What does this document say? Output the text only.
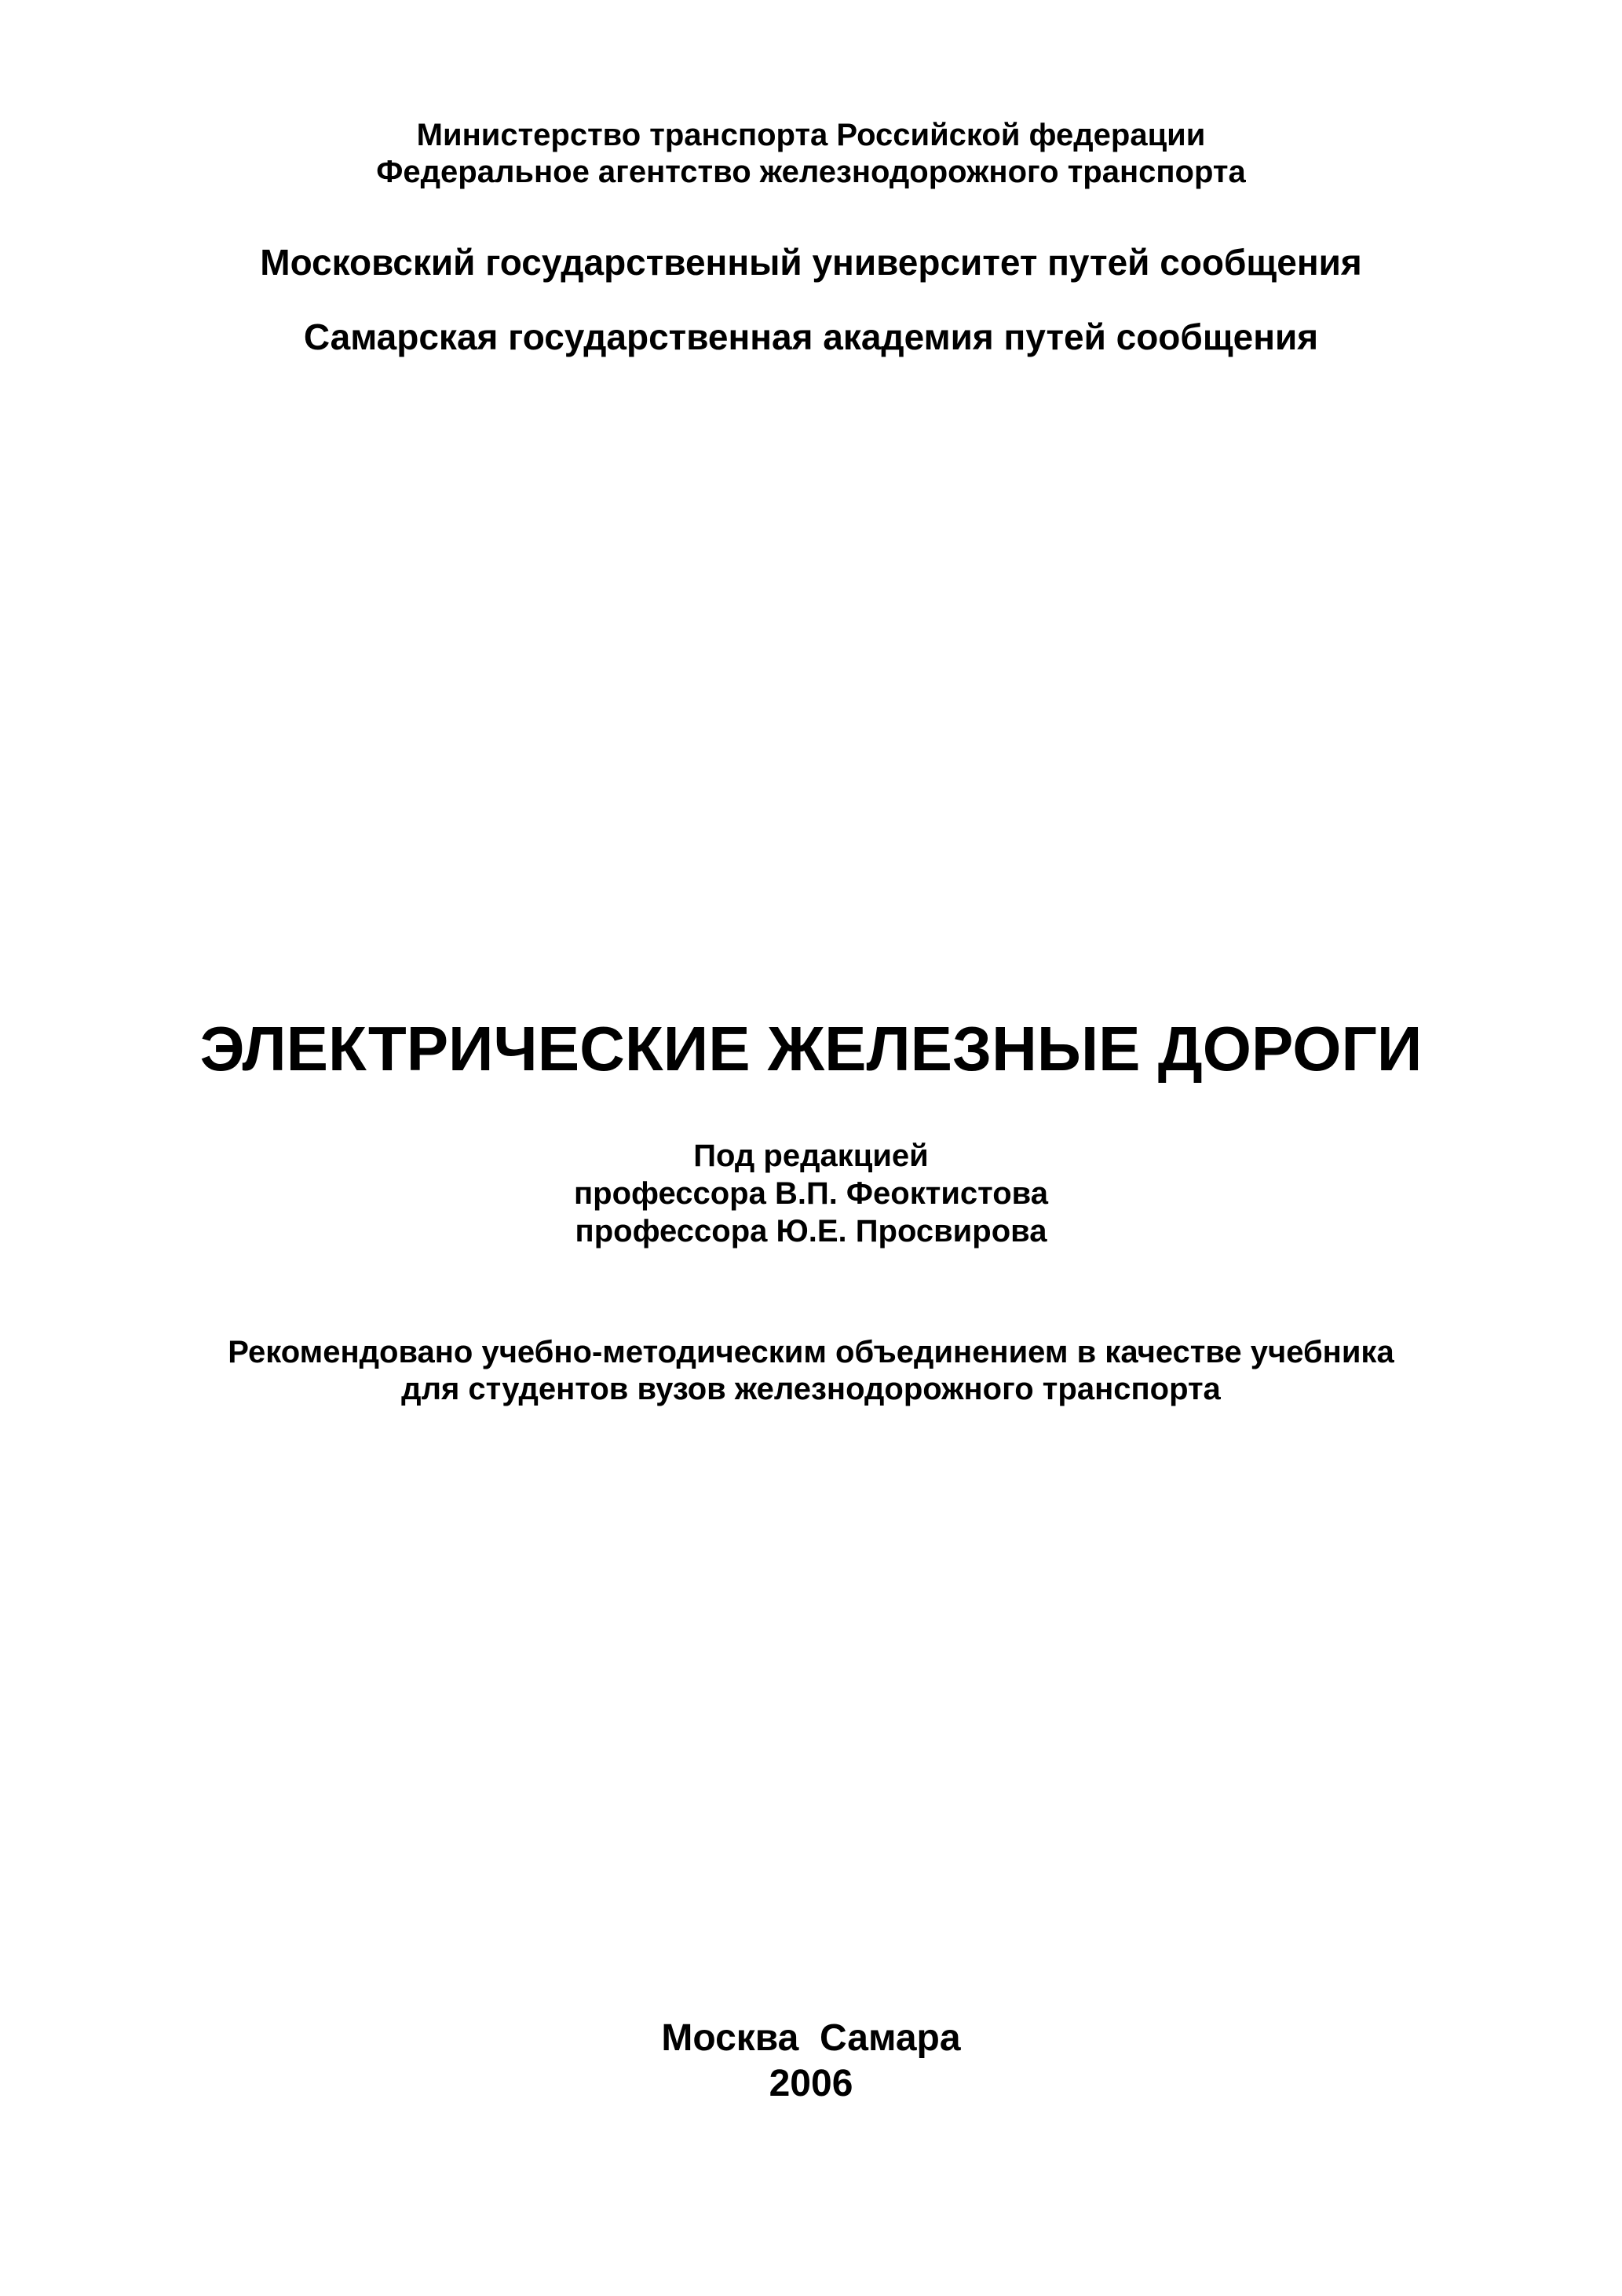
Министерство транспорта Российской федерации
Федеральное агентство железнодорожного транспорта
Московский государственный университет путей сообщения
Самарская государственная академия путей сообщения
ЭЛЕКТРИЧЕСКИЕ ЖЕЛЕЗНЫЕ ДОРОГИ
Под редакцией
профессора В.П. Феоктистова
профессора Ю.Е. Просвирова
Рекомендовано учебно-методическим объединением в качестве учебника
для студентов вузов железнодорожного транспорта
Москва  Самара
2006
